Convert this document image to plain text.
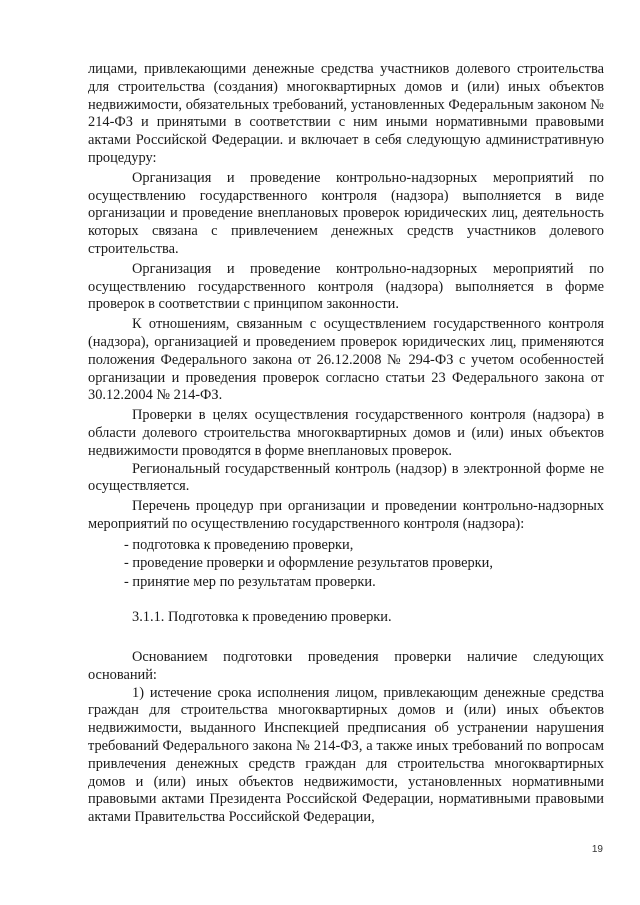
лицами, привлекающими денежные средства участников долевого строительства для строительства (создания) многоквартирных домов и (или) иных объектов недвижимости, обязательных требований, установленных Федеральным законом № 214-ФЗ и принятыми в соответствии с ним иными нормативными правовыми актами Российской Федерации. и включает в себя следующую административную процедуру:

Организация и проведение контрольно-надзорных мероприятий по осуществлению государственного контроля (надзора) выполняется в виде организации и проведение внеплановых проверок юридических лиц, деятельность которых связана с привлечением денежных средств участников долевого строительства.

Организация и проведение контрольно-надзорных мероприятий по осуществлению государственного контроля (надзора) выполняется в форме проверок в соответствии с принципом законности.

К отношениям, связанным с осуществлением государственного контроля (надзора), организацией и проведением проверок юридических лиц, применяются положения Федерального закона от 26.12.2008 № 294-ФЗ с учетом особенностей организации и проведения проверок согласно статьи 23 Федерального закона от 30.12.2004 № 214-ФЗ.

Проверки в целях осуществления государственного контроля (надзора) в области долевого строительства многоквартирных домов и (или) иных объектов недвижимости проводятся в форме внеплановых проверок.

Региональный государственный контроль (надзор) в электронной форме не осуществляется.

Перечень процедур при организации и проведении контрольно-надзорных мероприятий по осуществлению государственного контроля (надзора):

- подготовка к проведению проверки,
- проведение проверки и оформление результатов проверки,
- принятие мер по результатам проверки.

3.1.1. Подготовка к проведению проверки.

Основанием подготовки проведения проверки наличие следующих оснований:

1) истечение срока исполнения лицом, привлекающим денежные средства граждан для строительства многоквартирных домов и (или) иных объектов недвижимости, выданного Инспекцией предписания об устранении нарушения требований Федерального закона № 214-ФЗ, а также иных требований по вопросам привлечения денежных средств граждан для строительства многоквартирных домов и (или) иных объектов недвижимости, установленных нормативными правовыми актами Президента Российской Федерации, нормативными правовыми актами Правительства Российской Федерации,

19
